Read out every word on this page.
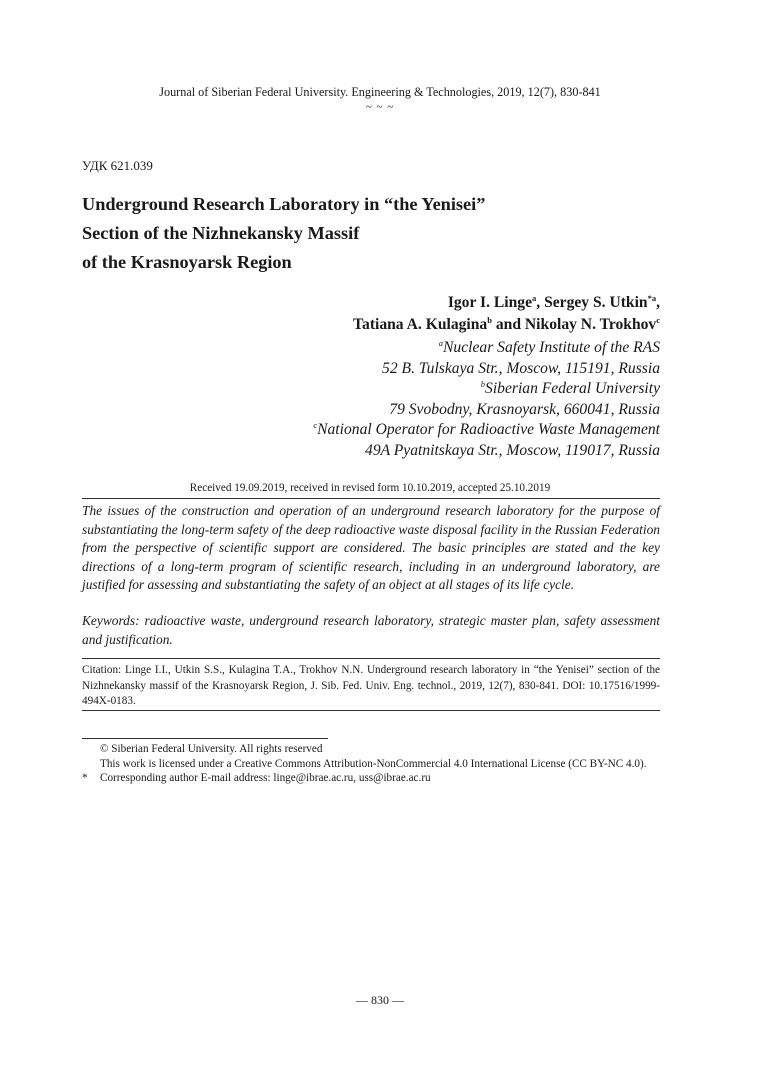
Journal of Siberian Federal University. Engineering & Technologies, 2019, 12(7), 830-841
~ ~ ~
УДК 621.039
Underground Research Laboratory in “the Yenisei”
Section of the Nizhnekansky Massif
of the Krasnoyarsk Region
Igor I. Linge$^a$, Sergey S. Utkin$^{*a}$,
Tatiana A. Kulagina$^b$ and Nikolay N. Trokhov$^c$
$^a$Nuclear Safety Institute of the RAS
52 B. Tulskaya Str., Moscow, 115191, Russia
$^b$Siberian Federal University
79 Svobodny, Krasnoyarsk, 660041, Russia
$^c$National Operator for Radioactive Waste Management
49A Pyatnitskaya Str., Moscow, 119017, Russia
Received 19.09.2019, received in revised form 10.10.2019, accepted 25.10.2019
The issues of the construction and operation of an underground research laboratory for the purpose of substantiating the long-term safety of the deep radioactive waste disposal facility in the Russian Federation from the perspective of scientific support are considered. The basic principles are stated and the key directions of a long-term program of scientific research, including in an underground laboratory, are justified for assessing and substantiating the safety of an object at all stages of its life cycle.
Keywords: radioactive waste, underground research laboratory, strategic master plan, safety assessment and justification.
Citation: Linge I.I., Utkin S.S., Kulagina T.A., Trokhov N.N. Underground research laboratory in “the Yenisei” section of the Nizhnekansky massif of the Krasnoyarsk Region, J. Sib. Fed. Univ. Eng. technol., 2019, 12(7), 830-841. DOI: 10.17516/1999-494X-0183.
© Siberian Federal University. All rights reserved
This work is licensed under a Creative Commons Attribution-NonCommercial 4.0 International License (CC BY-NC 4.0).
*	Corresponding author E-mail address: linge@ibrae.ac.ru, uss@ibrae.ac.ru
― 830 ―
